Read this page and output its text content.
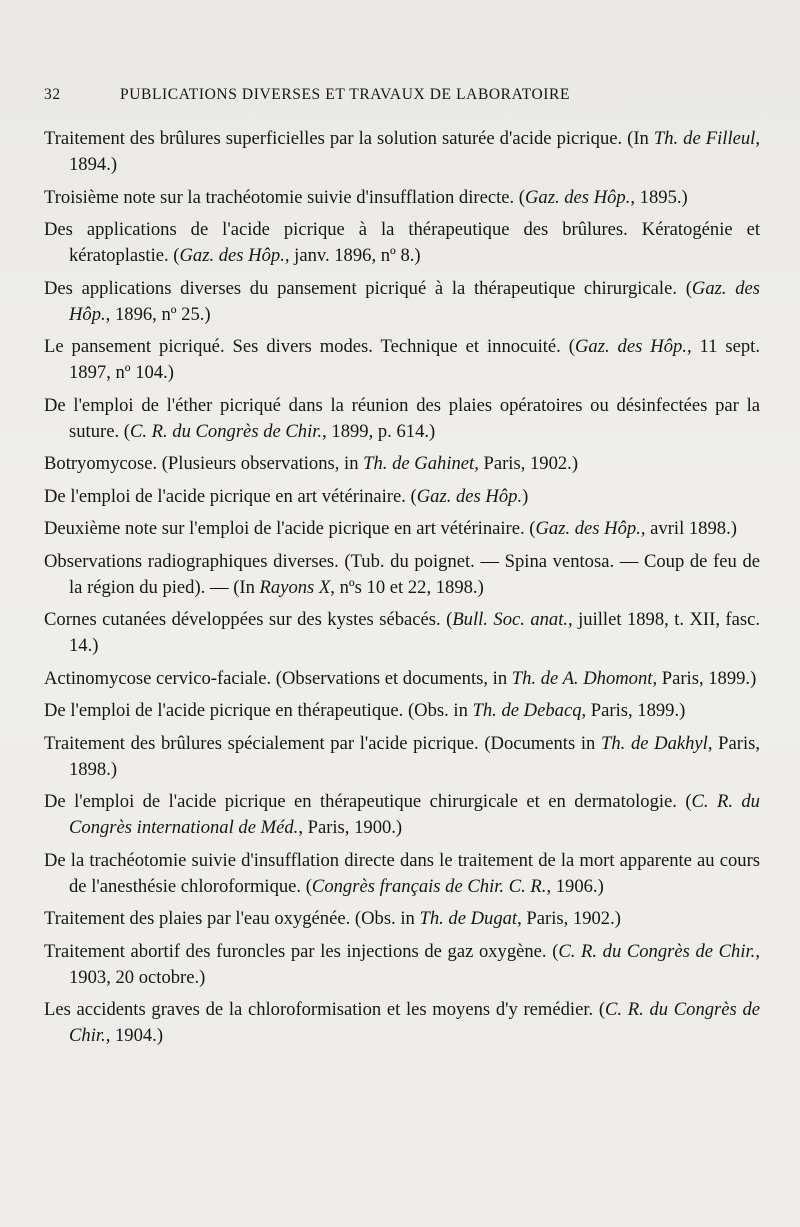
32	PUBLICATIONS DIVERSES ET TRAVAUX DE LABORATOIRE
Traitement des brûlures superficielles par la solution saturée d'acide picrique. (In Th. de Filleul, 1894.)
Troisième note sur la trachéotomie suivie d'insufflation directe. (Gaz. des Hôp., 1895.)
Des applications de l'acide picrique à la thérapeutique des brûlures. Kératogénie et kératoplastie. (Gaz. des Hôp., janv. 1896, nº 8.)
Des applications diverses du pansement picriqué à la thérapeutique chirurgicale. (Gaz. des Hôp., 1896, nº 25.)
Le pansement picriqué. Ses divers modes. Technique et innocuité. (Gaz. des Hôp., 11 sept. 1897, nº 104.)
De l'emploi de l'éther picriqué dans la réunion des plaies opératoires ou désinfectées par la suture. (C. R. du Congrès de Chir., 1899, p. 614.)
Botryomycose. (Plusieurs observations, in Th. de Gahinet, Paris, 1902.)
De l'emploi de l'acide picrique en art vétérinaire. (Gaz. des Hôp.)
Deuxième note sur l'emploi de l'acide picrique en art vétérinaire. (Gaz. des Hôp., avril 1898.)
Observations radiographiques diverses. (Tub. du poignet. — Spina ventosa. — Coup de feu de la région du pied). — (In Rayons X, nºs 10 et 22, 1898.)
Cornes cutanées développées sur des kystes sébacés. (Bull. Soc. anat., juillet 1898, t. XII, fasc. 14.)
Actinomycose cervico-faciale. (Observations et documents, in Th. de A. Dhomont, Paris, 1899.)
De l'emploi de l'acide picrique en thérapeutique. (Obs. in Th. de Debacq, Paris, 1899.)
Traitement des brûlures spécialement par l'acide picrique. (Documents in Th. de Dakhyl, Paris, 1898.)
De l'emploi de l'acide picrique en thérapeutique chirurgicale et en dermatologie. (C. R. du Congrès international de Méd., Paris, 1900.)
De la trachéotomie suivie d'insufflation directe dans le traitement de la mort apparente au cours de l'anesthésie chloroformique. (Congrès français de Chir. C. R., 1906.)
Traitement des plaies par l'eau oxygénée. (Obs. in Th. de Dugat, Paris, 1902.)
Traitement abortif des furoncles par les injections de gaz oxygène. (C. R. du Congrès de Chir., 1903, 20 octobre.)
Les accidents graves de la chloroformisation et les moyens d'y remédier. (C. R. du Congrès de Chir., 1904.)
